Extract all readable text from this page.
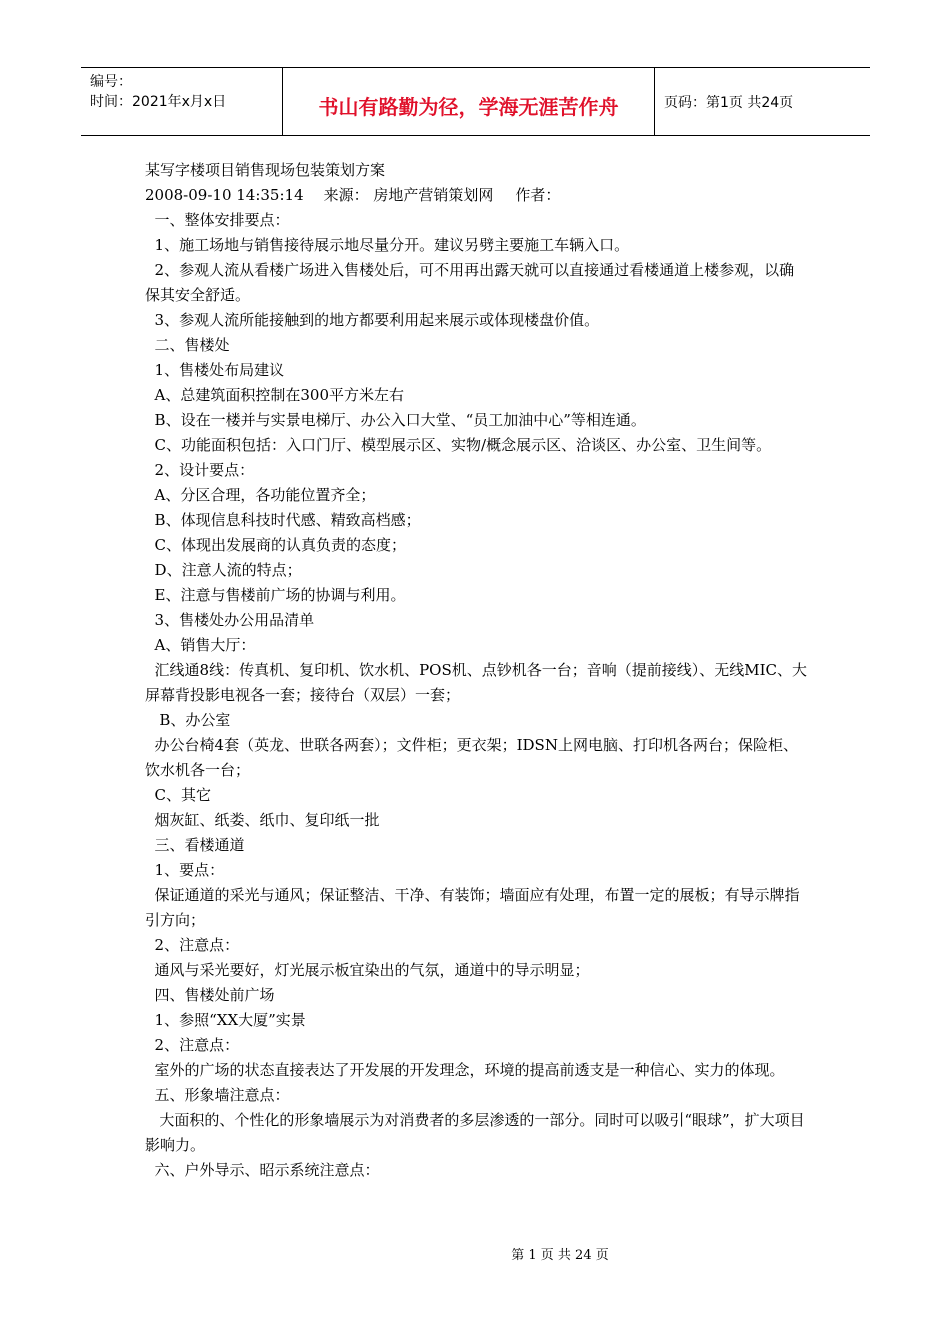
编号：
时间：2021年x月x日	书山有路勤为径，学海无涯苦作舟	页码：第1页 共24页

某写字楼项目销售现场包装策划方案

2008-09-10 14:35:14 来源： 房地产营销策划网 作者：

一、整体安排要点：

1、施工场地与销售接待展示地尽量分开。建议另劈主要施工车辆入口。

2、参观人流从看楼广场进入售楼处后，可不用再出露天就可以直接通过看楼通道上楼参观，以确保其安全舒适。

3、参观人流所能接触到的地方都要利用起来展示或体现楼盘价值。

二、售楼处

1、售楼处布局建议

A、总建筑面积控制在300平方米左右

B、设在一楼并与实景电梯厅、办公入口大堂、“员工加油中心”等相连通。

C、功能面积包括：入口门厅、模型展示区、实物/概念展示区、洽谈区、办公室、卫生间等。

2、设计要点：

A、分区合理，各功能位置齐全；

B、体现信息科技时代感、精致高档感；

C、体现出发展商的认真负责的态度；

D、注意人流的特点；

E、注意与售楼前广场的协调与利用。

3、售楼处办公用品清单

A、销售大厅：

汇线通8线：传真机、复印机、饮水机、POS机、点钞机各一台；音响（提前接线）、无线MIC、大屏幕背投影电视各一套；接待台（双层）一套；

B、办公室

办公台椅4套（英龙、世联各两套）；文件柜；更衣架；IDSN上网电脑、打印机各两台；保险柜、饮水机各一台；

C、其它

烟灰缸、纸娄、纸巾、复印纸一批

三、看楼通道

1、要点：

保证通道的采光与通风；保证整洁、干净、有装饰；墙面应有处理，布置一定的展板；有导示牌指引方向；

2、注意点：

通风与采光要好，灯光展示板宜染出的气氛，通道中的导示明显；

四、售楼处前广场

1、参照“XX大厦”实景

2、注意点：

室外的广场的状态直接表达了开发展的开发理念，环境的提高前透支是一种信心、实力的体现。

五、形象墙注意点：

大面积的、个性化的形象墙展示为对消费者的多层渗透的一部分。同时可以吸引“眼球”，扩大项目影响力。

六、户外导示、昭示系统注意点：

第 1 页 共 24 页
